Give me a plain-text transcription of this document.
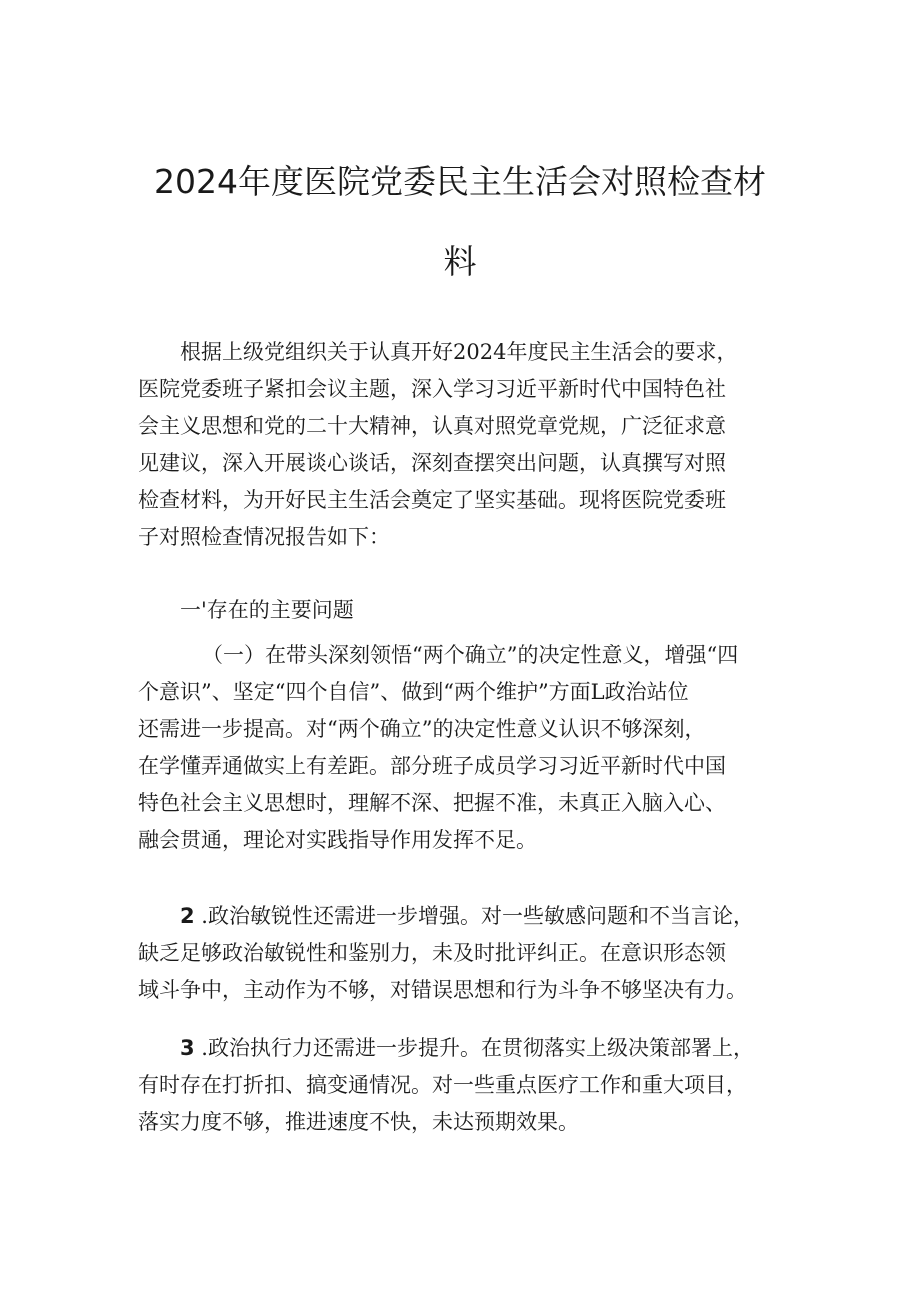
2024年度医院党委民主生活会对照检查材
料
根据上级党组织关于认真开好2024年度民主生活会的要求，
医院党委班子紧扣会议主题，深入学习习近平新时代中国特色社
会主义思想和党的二十大精神，认真对照党章党规，广泛征求意
见建议，深入开展谈心谈话，深刻查摆突出问题，认真撰写对照
检查材料，为开好民主生活会奠定了坚实基础。现将医院党委班
子对照检查情况报告如下：
一'存在的主要问题
（一）在带头深刻领悟“两个确立”的决定性意义，增强“四
个意识”、坚定“四个自信”、做到“两个维护”方面L政治站位
还需进一步提高。对“两个确立”的决定性意义认识不够深刻，
在学懂弄通做实上有差距。部分班子成员学习习近平新时代中国
特色社会主义思想时，理解不深、把握不准，未真正入脑入心、
融会贯通，理论对实践指导作用发挥不足。
2 .政治敏锐性还需进一步增强。对一些敏感问题和不当言论，
缺乏足够政治敏锐性和鉴别力，未及时批评纠正。在意识形态领
域斗争中，主动作为不够，对错误思想和行为斗争不够坚决有力。
3 .政治执行力还需进一步提升。在贯彻落实上级决策部署上，
有时存在打折扣、搞变通情况。对一些重点医疗工作和重大项目，
落实力度不够，推进速度不快，未达预期效果。
